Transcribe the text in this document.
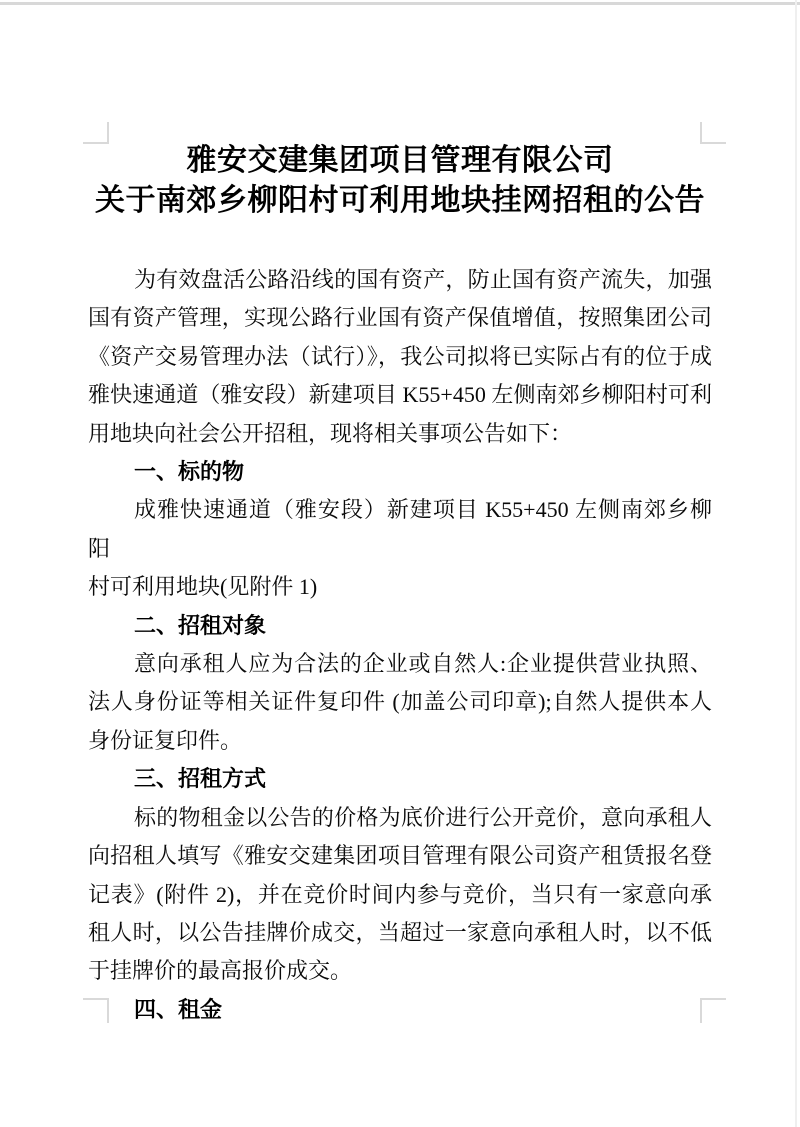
雅安交建集团项目管理有限公司
关于南郊乡柳阳村可利用地块挂网招租的公告
为有效盘活公路沿线的国有资产，防止国有资产流失，加强
国有资产管理，实现公路行业国有资产保值增值，按照集团公司
《资产交易管理办法（试行）》，我公司拟将已实际占有的位于成
雅快速通道（雅安段）新建项目 K55+450 左侧南郊乡柳阳村可利
用地块向社会公开招租，现将相关事项公告如下：
一、标的物
成雅快速通道（雅安段）新建项目 K55+450 左侧南郊乡柳阳
村可利用地块(见附件 1)
二、招租对象
意向承租人应为合法的企业或自然人:企业提供营业执照、
法人身份证等相关证件复印件 (加盖公司印章);自然人提供本人
身份证复印件。
三、招租方式
标的物租金以公告的价格为底价进行公开竞价，意向承租人
向招租人填写《雅安交建集团项目管理有限公司资产租赁报名登
记表》(附件 2)，并在竞价时间内参与竞价，当只有一家意向承
租人时，以公告挂牌价成交，当超过一家意向承租人时，以不低
于挂牌价的最高报价成交。
四、租金
